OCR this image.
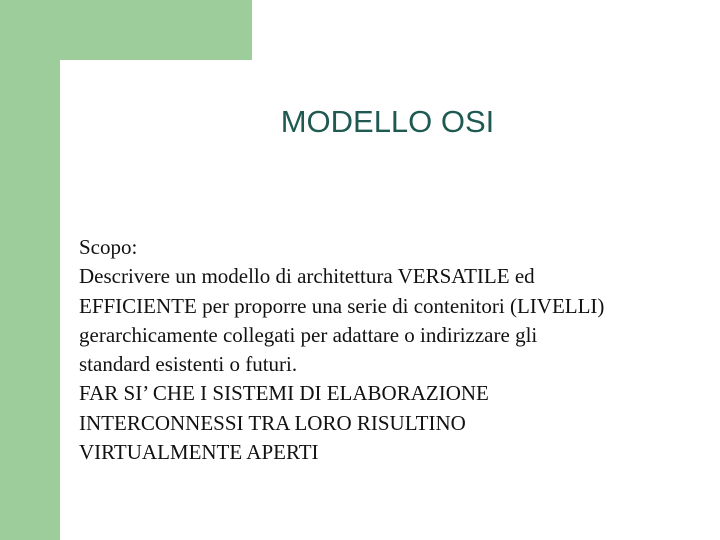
MODELLO OSI
Scopo:
Descrivere un modello di architettura VERSATILE ed
EFFICIENTE per proporre una serie di contenitori (LIVELLI)
gerarchicamente collegati per adattare o indirizzare gli
standard esistenti o futuri.
FAR SI’ CHE I SISTEMI DI ELABORAZIONE
INTERCONNESSI TRA LORO RISULTINO
VIRTUALMENTE APERTI
